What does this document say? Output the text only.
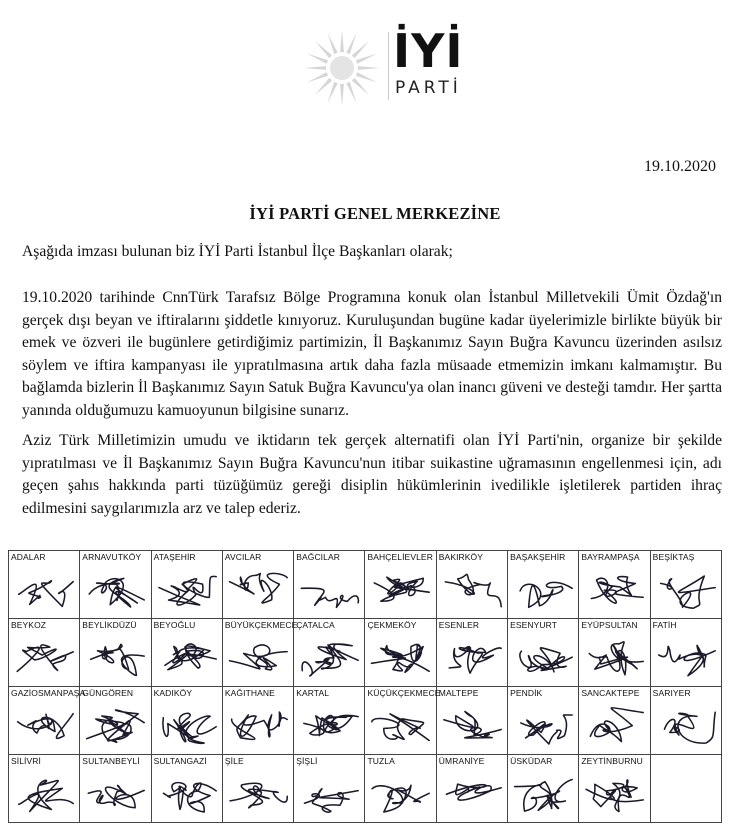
İYİ
PARTİ
19.10.2020
İYİ PARTİ GENEL MERKEZİNE

Aşağıda imzası bulunan biz İYİ Parti İstanbul İlçe Başkanları olarak;

19.10.2020 tarihinde CnnTürk Tarafsız Bölge Programına konuk olan İstanbul Milletvekili Ümit Özdağ'ın gerçek dışı beyan ve iftiralarını şiddetle kınıyoruz. Kuruluşundan bugüne kadar üyelerimizle birlikte büyük bir emek ve özveri ile bugünlere getirdiğimiz partimizin, İl Başkanımız Sayın Buğra Kavuncu üzerinden asılsız söylem ve iftira kampanyası ile yıpratılmasına artık daha fazla müsaade etmemizin imkanı kalmamıştır. Bu bağlamda bizlerin İl Başkanımız Sayın Satuk Buğra Kavuncu'ya olan inancı güveni ve desteği tamdır. Her şartta yanında olduğumuzu kamuoyunun bilgisine sunarız.

Aziz Türk Milletimizin umudu ve iktidarın tek gerçek alternatifi olan İYİ Parti'nin, organize bir şekilde yıpratılması ve İl Başkanımız Sayın Buğra Kavuncu'nun itibar suikastine uğramasının engellenmesi için, adı geçen şahıs hakkında parti tüzüğümüz gereği disiplin hükümlerinin ivedilikle işletilerek partiden ihraç edilmesini saygılarımızla arz ve talep ederiz.

ADALAR	ARNAVUTKÖY	ATAŞEHİR	AVCILAR	BAĞCILAR	BAHÇELİEVLER	BAKIRKÖY	BAŞAKŞEHİR	BAYRAMPAŞA	BEŞİKTAŞ

BEYKOZ	BEYLİKDÜZÜ	BEYOĞLU	BÜYÜKÇEKMECE	ÇATALCA	ÇEKMEKÖY	ESENLER	ESENYURT	EYÜPSULTAN	FATİH

GAZİOSMANPAŞA	GÜNGÖREN	KADIKÖY	KAĞITHANE	KARTAL	KÜÇÜKÇEKMECE	MALTEPE	PENDİK	SANCAKTEPE	SARIYER

SİLİVRİ	SULTANBEYLİ	SULTANGAZİ	ŞİLE	ŞİŞLİ	TUZLA	ÜMRANİYE	ÜSKÜDAR	ZEYTİNBURNU	
